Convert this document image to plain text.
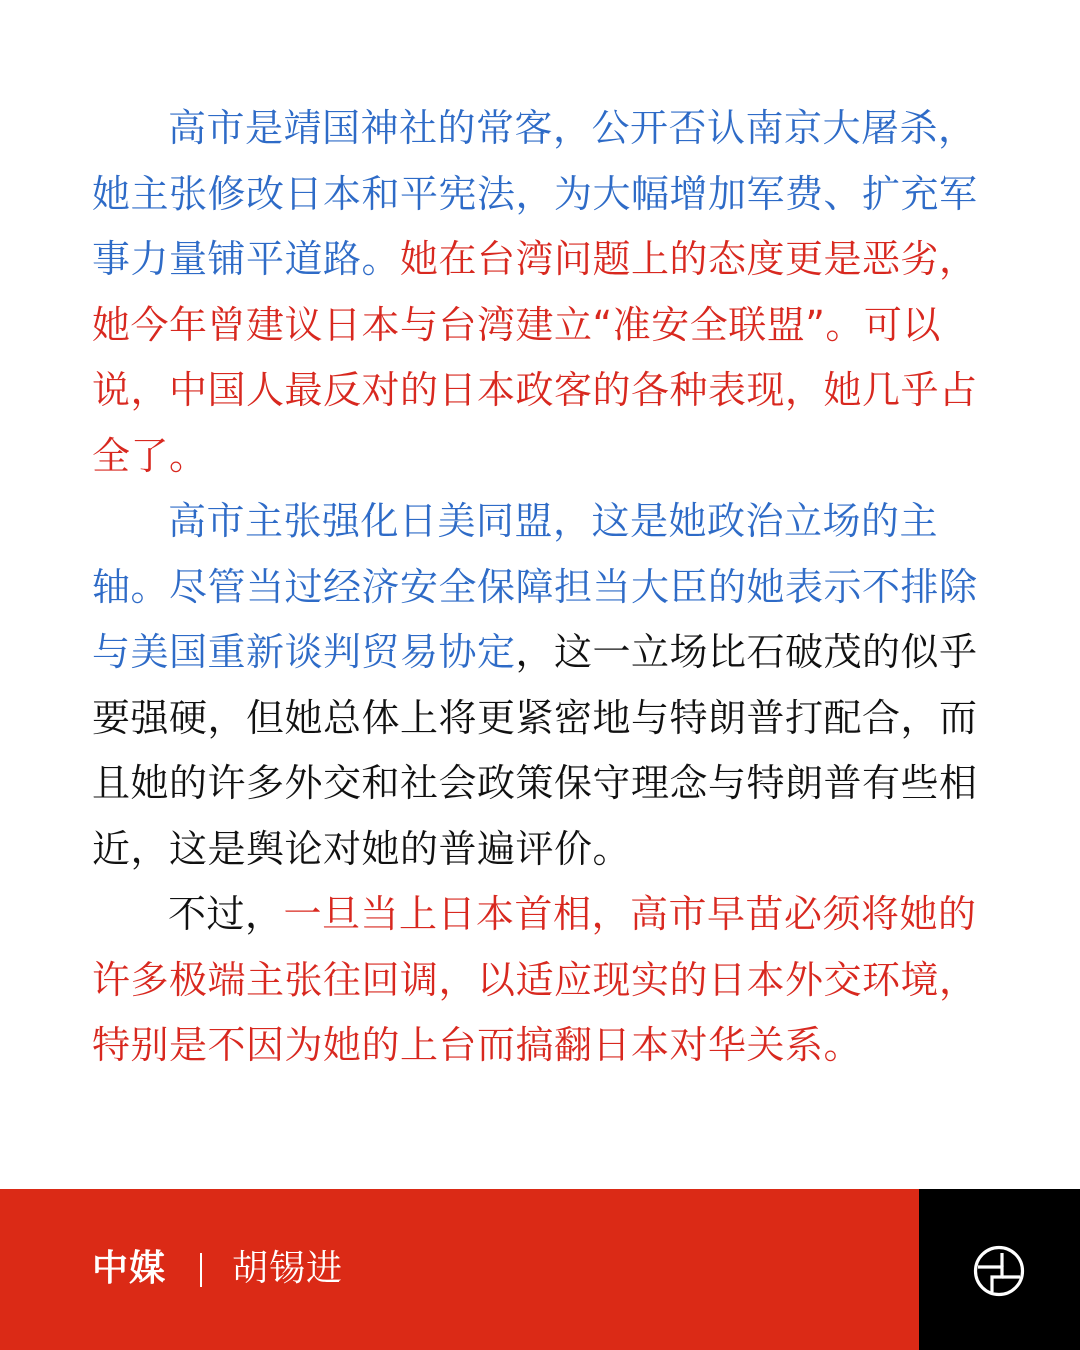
高市是靖国神社的常客，公开否认南京大屠杀，她主张修改日本和平宪法，为大幅增加军费、扩充军事力量铺平道路。她在台湾问题上的态度更是恶劣，她今年曾建议日本与台湾建立“准安全联盟”。可以说，中国人最反对的日本政客的各种表现，她几乎占全了。

高市主张强化日美同盟，这是她政治立场的主轴。尽管当过经济安全保障担当大臣的她表示不排除与美国重新谈判贸易协定，这一立场比石破茂的似乎要强硬，但她总体上将更紧密地与特朗普打配合，而且她的许多外交和社会政策保守理念与特朗普有些相近，这是舆论对她的普遍评价。

不过，一旦当上日本首相，高市早苗必须将她的许多极端主张往回调，以适应现实的日本外交环境，特别是不因为她的上台而搞翻日本对华关系。

中媒 胡锡进
